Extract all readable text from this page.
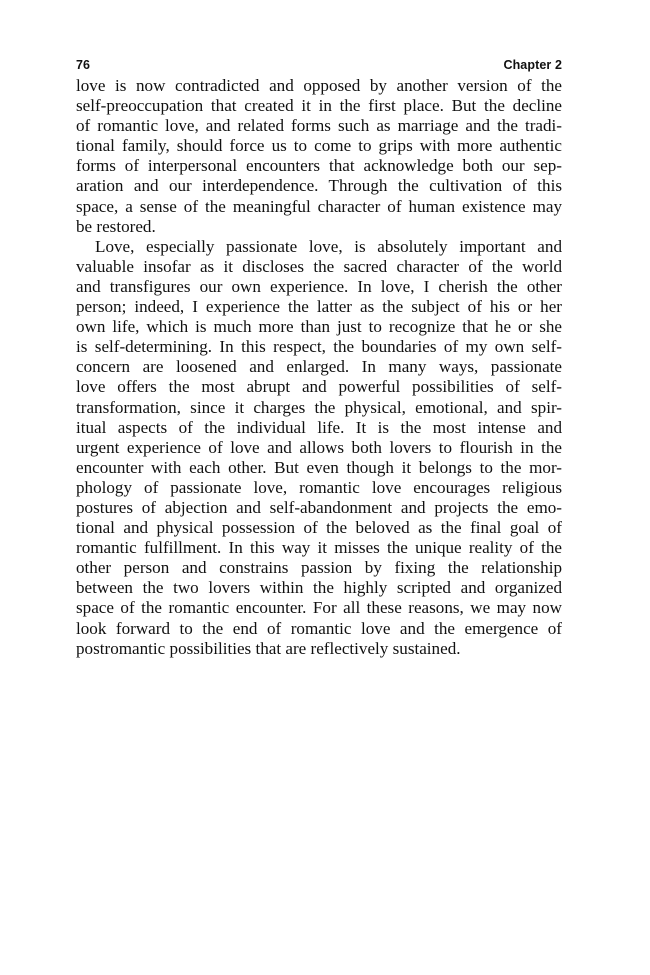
76	Chapter 2
love is now contradicted and opposed by another version of the
self-preoccupation that created it in the first place. But the decline
of romantic love, and related forms such as marriage and the tradi-
tional family, should force us to come to grips with more authentic
forms of interpersonal encounters that acknowledge both our sep-
aration and our interdependence. Through the cultivation of this
space, a sense of the meaningful character of human existence may
be restored.
Love, especially passionate love, is absolutely important and
valuable insofar as it discloses the sacred character of the world
and transfigures our own experience. In love, I cherish the other
person; indeed, I experience the latter as the subject of his or her
own life, which is much more than just to recognize that he or she
is self-determining. In this respect, the boundaries of my own self-
concern are loosened and enlarged. In many ways, passionate
love offers the most abrupt and powerful possibilities of self-
transformation, since it charges the physical, emotional, and spir-
itual aspects of the individual life. It is the most intense and
urgent experience of love and allows both lovers to flourish in the
encounter with each other. But even though it belongs to the mor-
phology of passionate love, romantic love encourages religious
postures of abjection and self-abandonment and projects the emo-
tional and physical possession of the beloved as the final goal of
romantic fulfillment. In this way it misses the unique reality of the
other person and constrains passion by fixing the relationship
between the two lovers within the highly scripted and organized
space of the romantic encounter. For all these reasons, we may now
look forward to the end of romantic love and the emergence of
postromantic possibilities that are reflectively sustained.
